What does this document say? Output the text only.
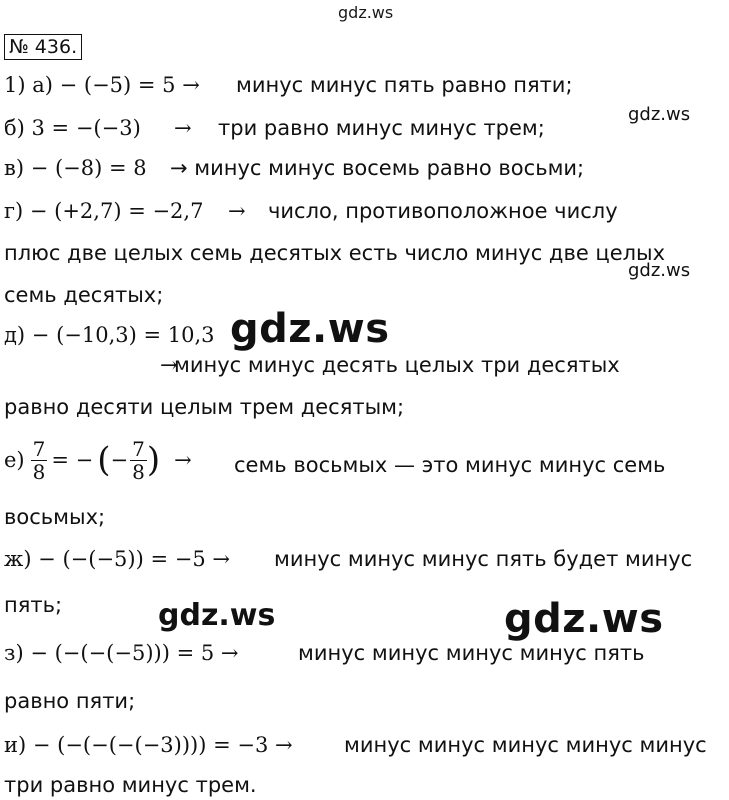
gdz.ws
№ 436.
1) а) − (−5) = 5 → минус минус пять равно пяти;
gdz.ws
б) 3 = −(−3) → три равно минус минус трем;
в) − (−8) = 8 → минус минус восемь равно восьми;
г) − (+2,7) = −2,7 → число, противоположное числу
плюс две целых семь десятых есть число минус две целых
gdz.ws
семь десятых;
д) − (−10,3) = 10,3 gdz.ws
→
минус минус десять целых три десятых
равно десяти целым трем десятым;
$е) \frac{7}{8}$ = − ( − $\frac{7}{8}$ ) → семь восьмых — это минус минус семь
восьмых;
ж) − (−(−5)) = −5 → минус минус минус пять будет минус
пять;	gdz.ws	gdz.ws
з) − (−(−(−5))) = 5 →	минус минус минус минус пять
равно пяти;
и) − (−(−(−(−3)))) = −3 → минус минус минус минус минус
три равно минус трем.
